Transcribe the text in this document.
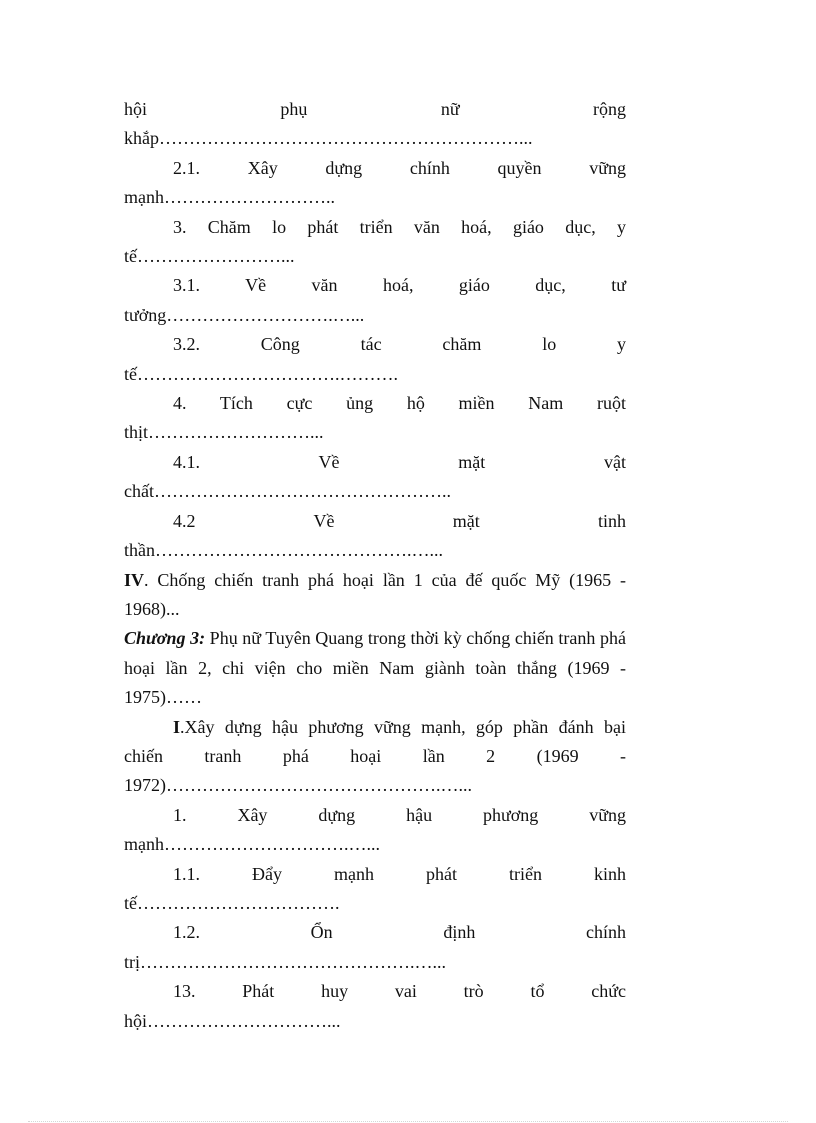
hội phụ nữ rộng
khắp……………………………………………………...

2.1. Xây dựng chính quyền vững
mạnh………………………..

3. Chăm lo phát triển văn hoá, giáo dục, y
tế……………………...

3.1. Về văn hoá, giáo dục, tư
tưởng……………………….…...

3.2. Công tác chăm lo y
tế…………………………….……….

4. Tích cực ủng hộ miền Nam ruột
thịt………………………...

4.1. Về mặt vật
chất…………………………………………..

4.2 Về mặt tinh
thần…………………………………….…...

IV. Chống chiến tranh phá hoại lần 1 của đế quốc Mỹ (1965 - 1968)...

Chương 3: Phụ nữ Tuyên Quang trong thời kỳ chống chiến tranh phá hoại lần 2, chi viện cho miền Nam giành toàn thắng (1969 - 1975)……

I.Xây dựng hậu phương vững mạnh, góp phần đánh bại
chiến tranh phá hoại lần 2 (1969 -
1972)……………………………………….…...

1. Xây dựng hậu phương vững
mạnh………………………….…...

1.1. Đẩy mạnh phát triển kinh
tế…………………………….

1.2. Ổn định chính
trị……………………………………….…...

13. Phát huy vai trò tổ chức
hội…………………………...
